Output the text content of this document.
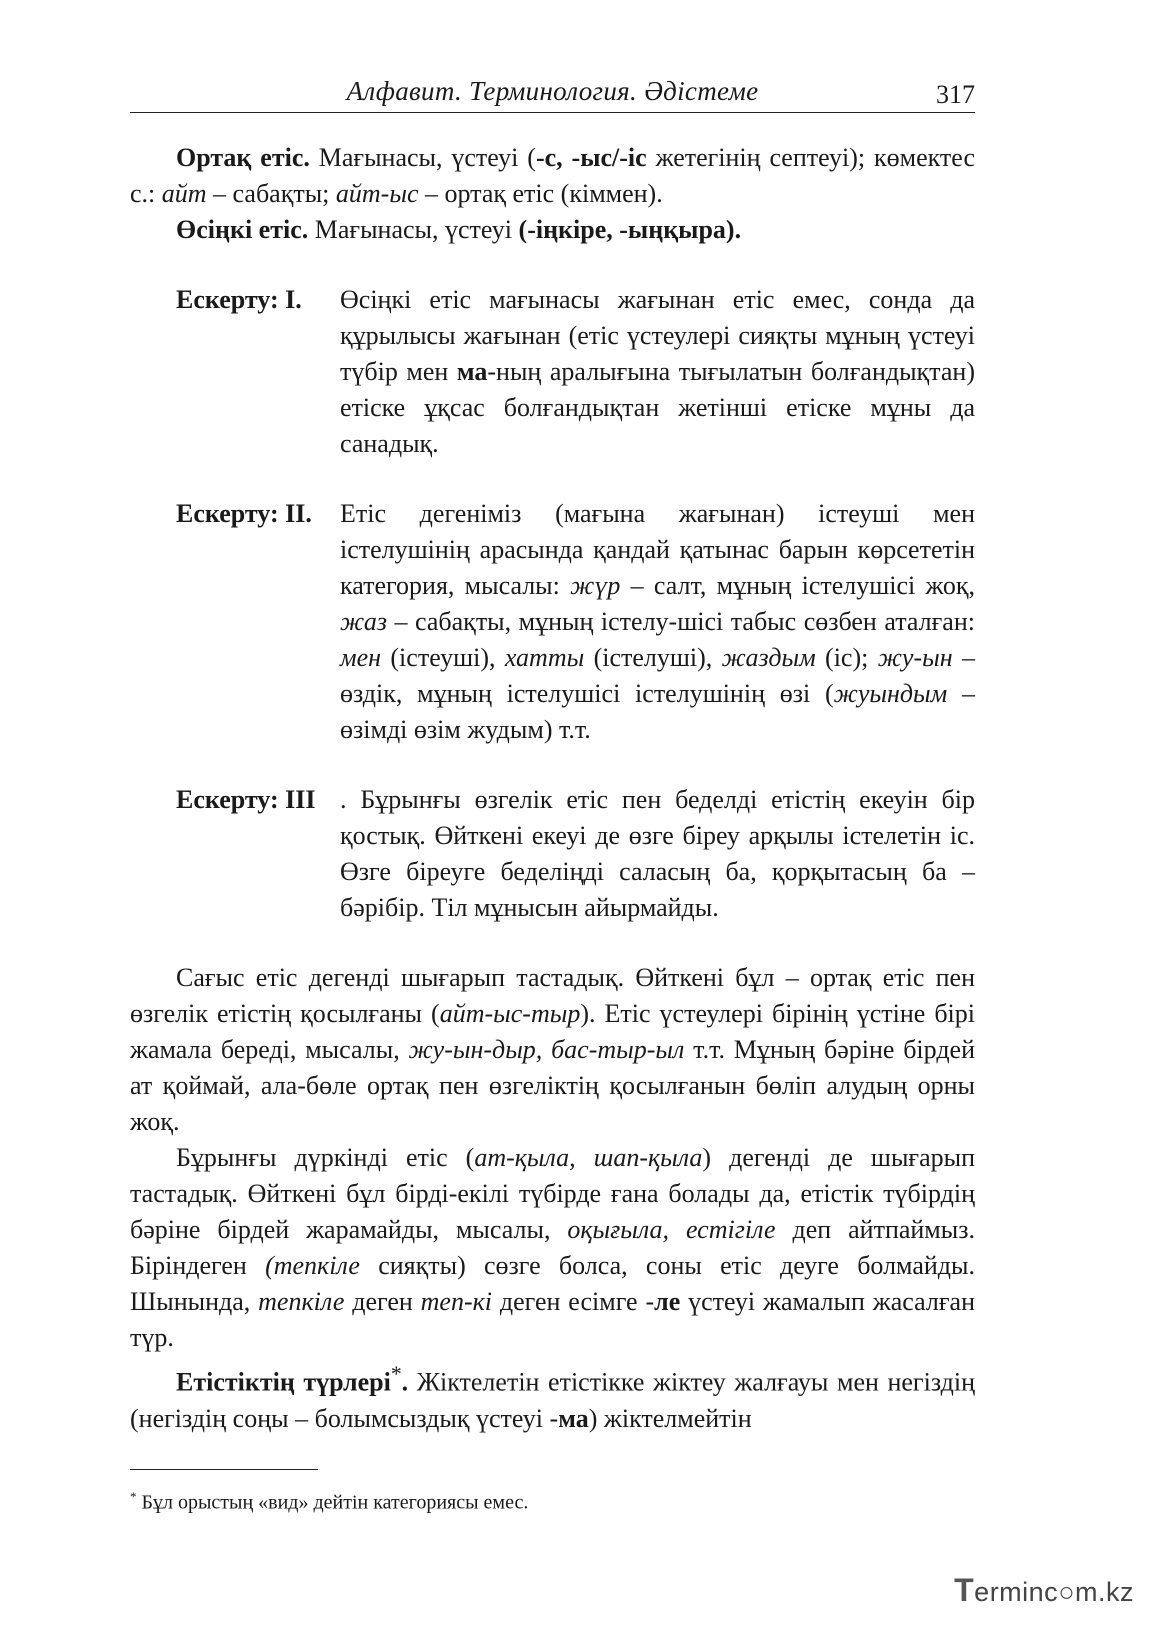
Алфавит. Терминология. Әдістеме	317

Ортақ етіс. Мағынасы, үстеуі (-с, -ыс/-іс жетегінің септеуі); көмектес с.: айт – сабақты; айт-ыс – ортақ етіс (кіммен).

Өсіңкі етіс. Мағынасы, үстеуі (-іңкіре, -ыңқыра).

Ескерту: І. Өсіңкі етіс мағынасы жағынан етіс емес, сонда да құрылысы жағынан (етіс үстеулері сияқты мұның үстеуі түбір мен ма-ның аралығына тығылатын болғандықтан) етіске ұқсас болғандықтан жетінші етіске мұны да санадық.

Ескерту: ІІ. Етіс дегеніміз (мағына жағынан) істеуші мен істелушінің арасында қандай қатынас барын көрсететін категория, мысалы: жүр – салт, мұның істелушісі жоқ, жаз – сабақты, мұның істелу-шісі табыс сөзбен аталған: мен (істеуші), хатты (істелуші), жаздым (іс); жу-ын – өздік, мұның істелушісі істелушінің өзі (жуындым – өзімді өзім жудым) т.т.

Ескерту: ІІІ . Бұрынғы өзгелік етіс пен беделді етістің екеуін бір қостық. Өйткені екеуі де өзге біреу арқылы істелетін іс. Өзге біреуге беделіңді саласың ба, қорқытасың ба – бәрібір. Тіл мұнысын айырмайды.

Сағыс етіс дегенді шығарып тастадық. Өйткені бұл – ортақ етіс пен өзгелік етістің қосылғаны (айт-ыс-тыр). Етіс үстеулері бірінің үстіне бірі жамала береді, мысалы, жу-ын-дыр, бас-тыр-ыл т.т. Мұның бәріне бірдей ат қоймай, ала-бөле ортақ пен өзгеліктің қосылғанын бөліп алудың орны жоқ.

Бұрынғы дүркінді етіс (ат-қыла, шап-қыла) дегенді де шығарып тастадық. Өйткені бұл бірді-екілі түбірде ғана болады да, етістік түбірдің бәріне бірдей жарамайды, мысалы, оқығыла, естігіле деп айтпаймыз. Біріндеген (тепкіле сияқты) сөзге болса, соны етіс деуге болмайды. Шынында, тепкіле деген теп-кі деген есімге -ле үстеуі жамалып жасалған түр.

Етістіктің түрлері*. Жіктелетін етістікке жіктеу жалғауы мен негіздің (негіздің соңы – болымсыздық үстеуі -ма) жіктелмейтін

* Бұл орыстың «вид» дейтін категориясы емес.
Terminc○m.kz
